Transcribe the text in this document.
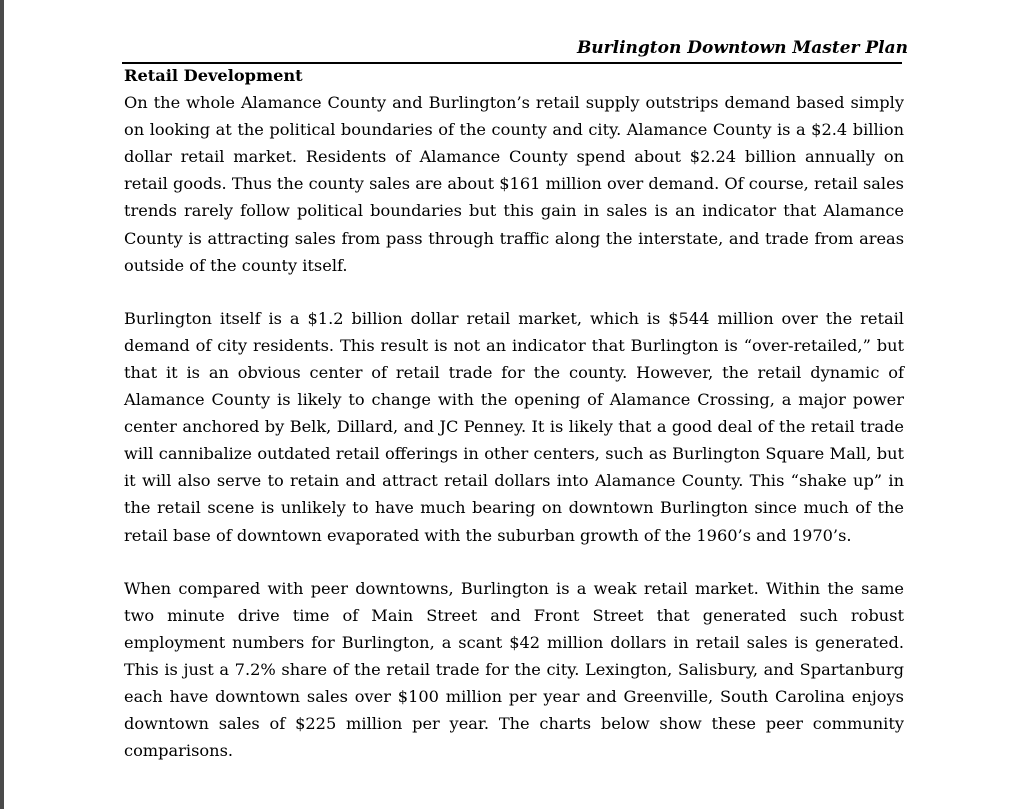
Burlington Downtown Master Plan

Retail Development

On the whole Alamance County and Burlington’s retail supply outstrips demand based simply on looking at the political boundaries of the county and city. Alamance County is a $2.4 billion dollar retail market. Residents of Alamance County spend about $2.24 billion annually on retail goods. Thus the county sales are about $161 million over demand. Of course, retail sales trends rarely follow political boundaries but this gain in sales is an indicator that Alamance County is attracting sales from pass through traffic along the interstate, and trade from areas outside of the county itself.

Burlington itself is a $1.2 billion dollar retail market, which is $544 million over the retail demand of city residents. This result is not an indicator that Burlington is “over-retailed,” but that it is an obvious center of retail trade for the county. However, the retail dynamic of Alamance County is likely to change with the opening of Alamance Crossing, a major power center anchored by Belk, Dillard, and JC Penney. It is likely that a good deal of the retail trade will cannibalize outdated retail offerings in other centers, such as Burlington Square Mall, but it will also serve to retain and attract retail dollars into Alamance County. This “shake up” in the retail scene is unlikely to have much bearing on downtown Burlington since much of the retail base of downtown evaporated with the suburban growth of the 1960’s and 1970’s.

When compared with peer downtowns, Burlington is a weak retail market. Within the same two minute drive time of Main Street and Front Street that generated such robust employment numbers for Burlington, a scant $42 million dollars in retail sales is generated. This is just a 7.2% share of the retail trade for the city. Lexington, Salisbury, and Spartanburg each have downtown sales over $100 million per year and Greenville, South Carolina enjoys downtown sales of $225 million per year. The charts below show these peer community comparisons.
